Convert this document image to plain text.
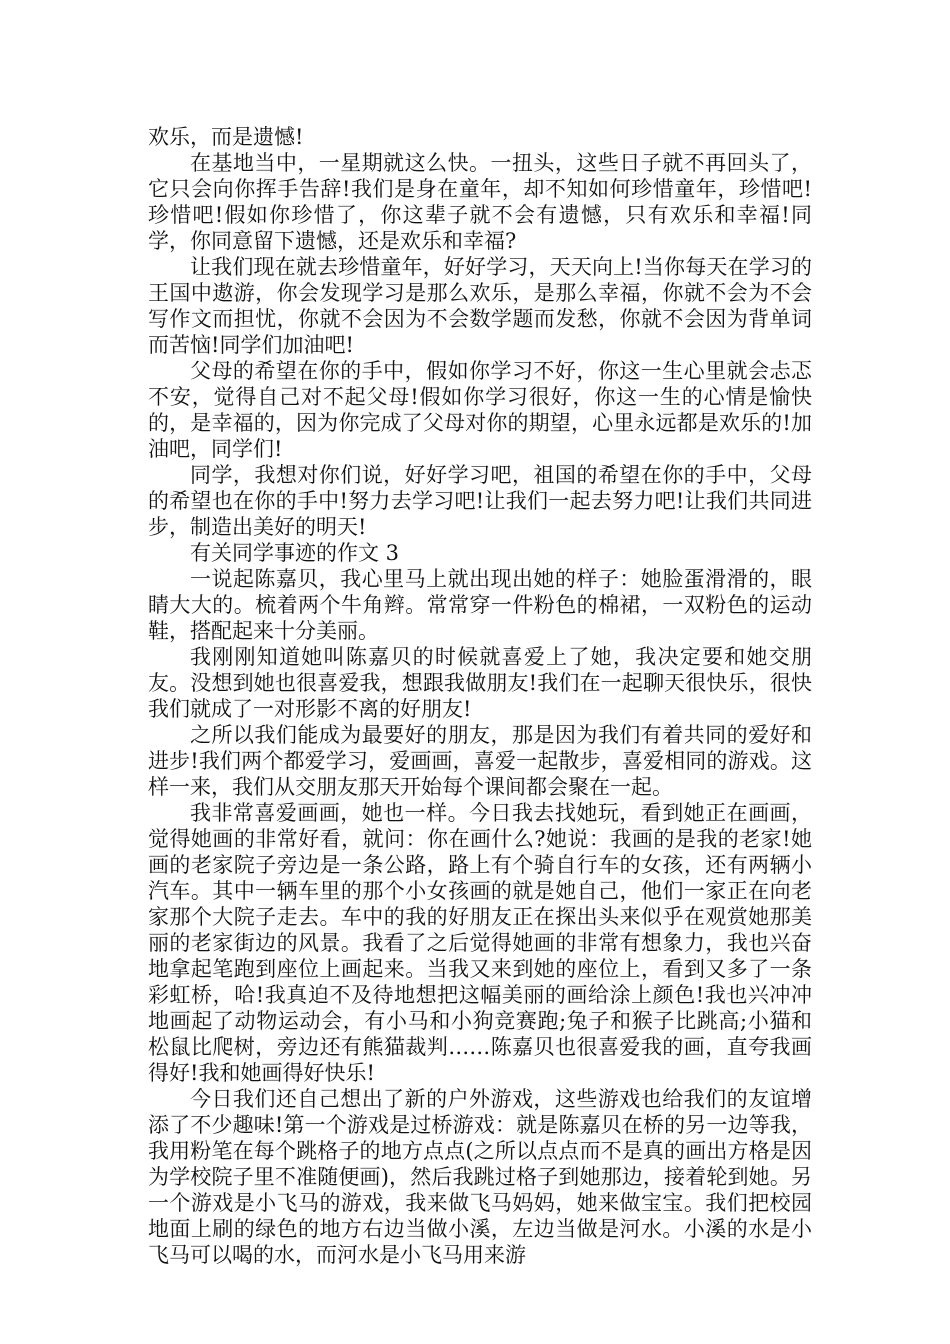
欢乐，而是遗憾!

在基地当中，一星期就这么快。一扭头，这些日子就不再回头了，它只会向你挥手告辞!我们是身在童年，却不知如何珍惜童年，珍惜吧!珍惜吧!假如你珍惜了，你这辈子就不会有遗憾，只有欢乐和幸福!同学，你同意留下遗憾，还是欢乐和幸福?

让我们现在就去珍惜童年，好好学习，天天向上!当你每天在学习的王国中遨游，你会发现学习是那么欢乐，是那么幸福，你就不会为不会写作文而担忧，你就不会因为不会数学题而发愁，你就不会因为背单词而苦恼!同学们加油吧!

父母的希望在你的手中，假如你学习不好，你这一生心里就会忐忑不安，觉得自己对不起父母!假如你学习很好，你这一生的心情是愉快的，是幸福的，因为你完成了父母对你的期望，心里永远都是欢乐的!加油吧，同学们!

同学，我想对你们说，好好学习吧，祖国的希望在你的手中，父母的希望也在你的手中!努力去学习吧!让我们一起去努力吧!让我们共同进步，制造出美好的明天!

有关同学事迹的作文 3

一说起陈嘉贝，我心里马上就出现出她的样子：她脸蛋滑滑的，眼睛大大的。梳着两个牛角辫。常常穿一件粉色的棉裙，一双粉色的运动鞋，搭配起来十分美丽。

我刚刚知道她叫陈嘉贝的时候就喜爱上了她，我决定要和她交朋友。没想到她也很喜爱我，想跟我做朋友!我们在一起聊天很快乐，很快我们就成了一对形影不离的好朋友!

之所以我们能成为最要好的朋友，那是因为我们有着共同的爱好和进步!我们两个都爱学习，爱画画，喜爱一起散步，喜爱相同的游戏。这样一来，我们从交朋友那天开始每个课间都会聚在一起。

我非常喜爱画画，她也一样。今日我去找她玩，看到她正在画画，觉得她画的非常好看，就问：你在画什么?她说：我画的是我的老家!她画的老家院子旁边是一条公路，路上有个骑自行车的女孩，还有两辆小汽车。其中一辆车里的那个小女孩画的就是她自己，他们一家正在向老家那个大院子走去。车中的我的好朋友正在探出头来似乎在观赏她那美丽的老家街边的风景。我看了之后觉得她画的非常有想象力，我也兴奋地拿起笔跑到座位上画起来。当我又来到她的座位上，看到又多了一条彩虹桥，哈!我真迫不及待地想把这幅美丽的画给涂上颜色!我也兴冲冲地画起了动物运动会，有小马和小狗竞赛跑;兔子和猴子比跳高;小猫和松鼠比爬树，旁边还有熊猫裁判……陈嘉贝也很喜爱我的画，直夸我画得好!我和她画得好快乐!

今日我们还自己想出了新的户外游戏，这些游戏也给我们的友谊增添了不少趣味!第一个游戏是过桥游戏：就是陈嘉贝在桥的另一边等我，我用粉笔在每个跳格子的地方点点(之所以点点而不是真的画出方格是因为学校院子里不准随便画)，然后我跳过格子到她那边，接着轮到她。另一个游戏是小飞马的游戏，我来做飞马妈妈，她来做宝宝。我们把校园地面上刷的绿色的地方右边当做小溪，左边当做是河水。小溪的水是小飞马可以喝的水，而河水是小飞马用来游
